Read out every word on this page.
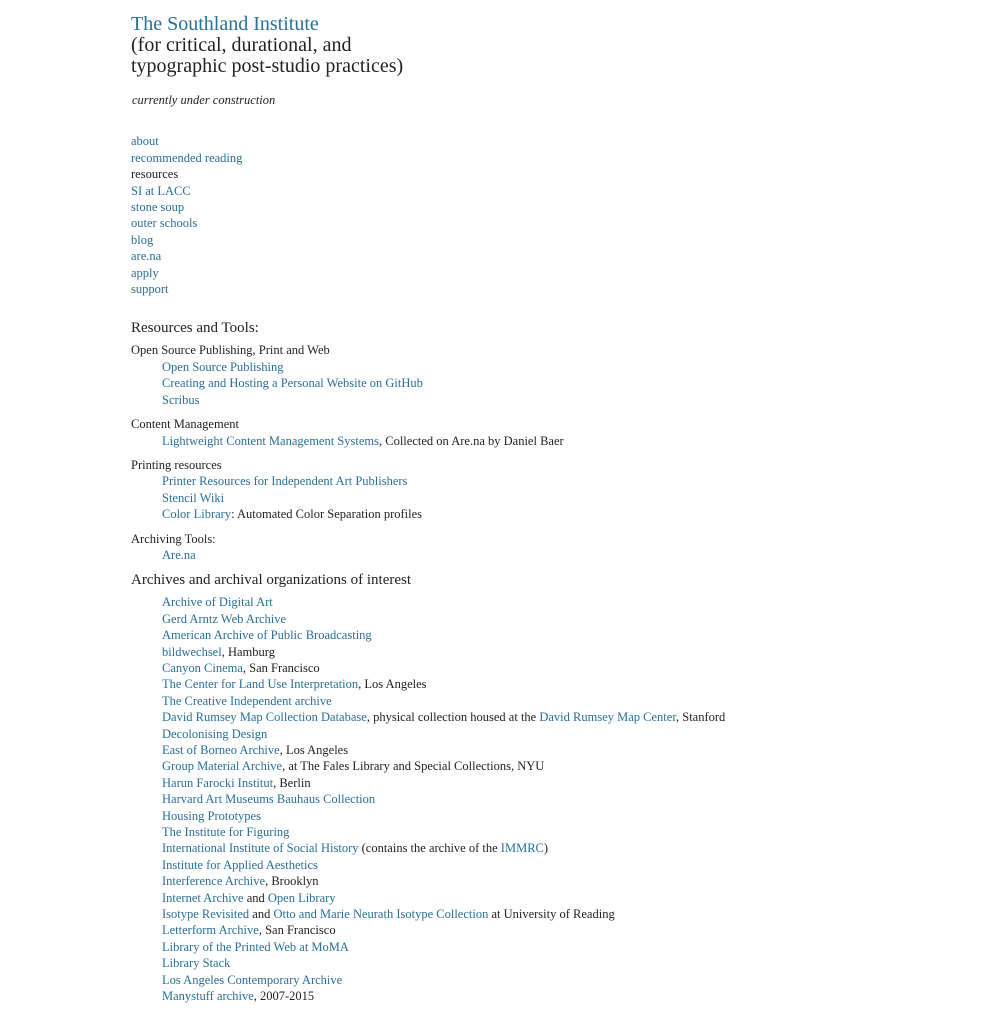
The Southland Institute
(for critical, durational, and
typographic post-studio practices)
currently under construction
about
recommended reading
resources
SI at LACC
stone soup
outer schools
blog
are.na
apply
support
Resources and Tools:
Open Source Publishing, Print and Web
Open Source Publishing
Creating and Hosting a Personal Website on GitHub
Scribus
Content Management
Lightweight Content Management Systems, Collected on Are.na by Daniel Baer
Printing resources
Printer Resources for Independent Art Publishers
Stencil Wiki
Color Library: Automated Color Separation profiles
Archiving Tools:
Are.na
Archives and archival organizations of interest
Archive of Digital Art
Gerd Arntz Web Archive
American Archive of Public Broadcasting
bildwechsel, Hamburg
Canyon Cinema, San Francisco
The Center for Land Use Interpretation, Los Angeles
The Creative Independent archive
David Rumsey Map Collection Database, physical collection housed at the David Rumsey Map Center, Stanford
Decolonising Design
East of Borneo Archive, Los Angeles
Group Material Archive, at The Fales Library and Special Collections, NYU
Harun Farocki Institut, Berlin
Harvard Art Museums Bauhaus Collection
Housing Prototypes
The Institute for Figuring
International Institute of Social History (contains the archive of the IMMRC)
Institute for Applied Aesthetics
Interference Archive, Brooklyn
Internet Archive and Open Library
Isotype Revisited and Otto and Marie Neurath Isotype Collection at University of Reading
Letterform Archive, San Francisco
Library of the Printed Web at MoMA
Library Stack
Los Angeles Contemporary Archive
Manystuff archive, 2007-2015
